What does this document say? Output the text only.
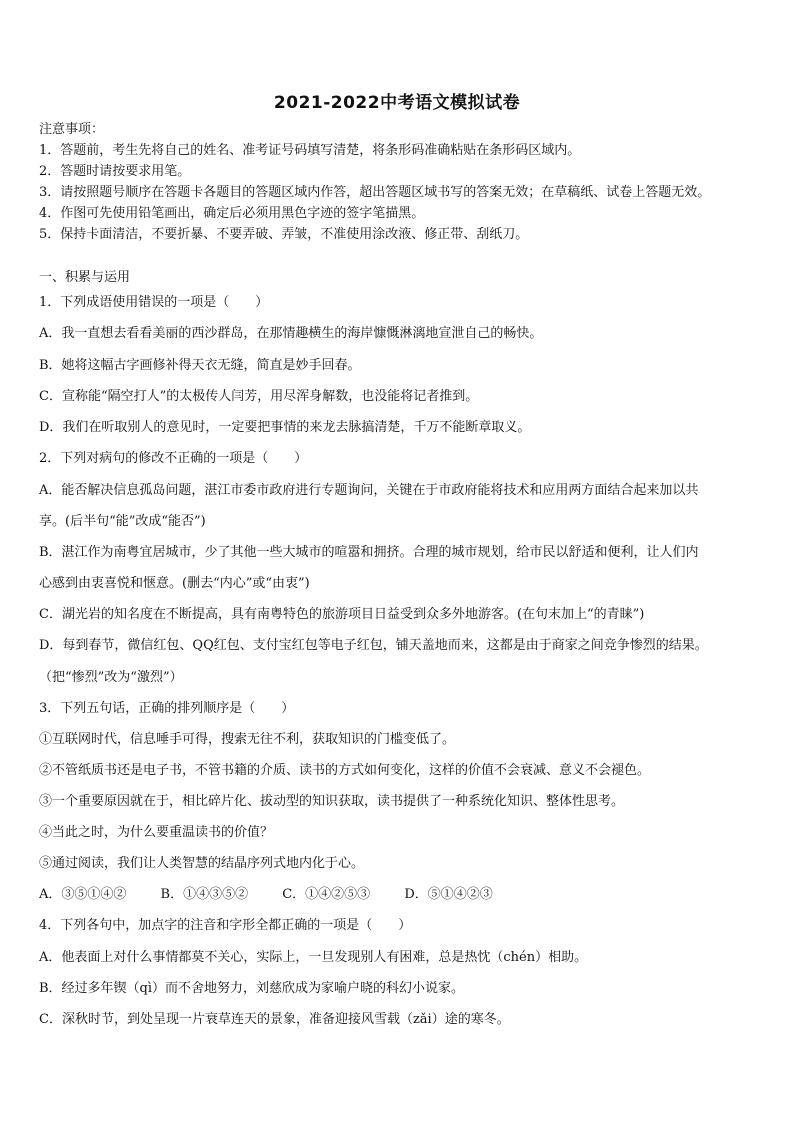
2021-2022中考语文模拟试卷
注意事项：
1．答题前，考生先将自己的姓名、准考证号码填写清楚，将条形码准确粘贴在条形码区域内。
2．答题时请按要求用笔。
3．请按照题号顺序在答题卡各题目的答题区域内作答，超出答题区域书写的答案无效；在草稿纸、试卷上答题无效。
4．作图可先使用铅笔画出，确定后必须用黑色字迹的签字笔描黑。
5．保持卡面清洁，不要折暴、不要弄破、弄皱，不准使用涂改液、修正带、刮纸刀。
一、积累与运用
1．下列成语使用错误的一项是（　　）
A．我一直想去看看美丽的西沙群岛，在那情趣横生的海岸慷慨淋漓地宣泄自己的畅快。
B．她将这幅古字画修补得天衣无缝，简直是妙手回春。
C．宣称能“隔空打人”的太极传人闫芳，用尽浑身解数，也没能将记者推到。
D．我们在听取别人的意见时，一定要把事情的来龙去脉搞清楚，千万不能断章取义。
2．下列对病句的修改不正确的一项是（　　）
A．能否解决信息孤岛问题，湛江市委市政府进行专题询问，关键在于市政府能将技术和应用两方面结合起来加以共
享。(后半句“能”改成“能否”)
B．湛江作为南粤宜居城市，少了其他一些大城市的喧嚣和拥挤。合理的城市规划，给市民以舒适和便利，让人们内
心感到由衷喜悦和惬意。(删去“内心”或“由衷”)
C．湖光岩的知名度在不断提高，具有南粤特色的旅游项目日益受到众多外地游客。(在句末加上“的青睐”)
D．每到春节，微信红包、QQ红包、支付宝红包等电子红包，铺天盖地而来，这都是由于商家之间竞争惨烈的结果。
（把“惨烈”改为“激烈”）
3．下列五句话，正确的排列顺序是（　　）
①互联网时代，信息唾手可得，搜索无往不利，获取知识的门槛变低了。
②不管纸质书还是电子书，不管书籍的介质、读书的方式如何变化，这样的价值不会衰减、意义不会褪色。
③一个重要原因就在于，相比碎片化、拔动型的知识获取，读书提供了一种系统化知识、整体性思考。
④当此之时，为什么要重温读书的价值？
⑤通过阅读，我们让人类智慧的结晶序列式地内化于心。
A．③⑤①④②	B．①④③⑤②	C．①④②⑤③	D．⑤①④②③
4．下列各句中，加点字的注音和字形全都正确的一项是（　　）
A．他表面上对什么事情都莫不关心，实际上，一旦发现别人有困难，总是热忱（chén）相助。
B．经过多年锲（qì）而不舍地努力，刘慈欣成为家喻户晓的科幻小说家。
C．深秋时节，到处呈现一片衰草连天的景象，准备迎接风雪载（zǎi）途的寒冬。
